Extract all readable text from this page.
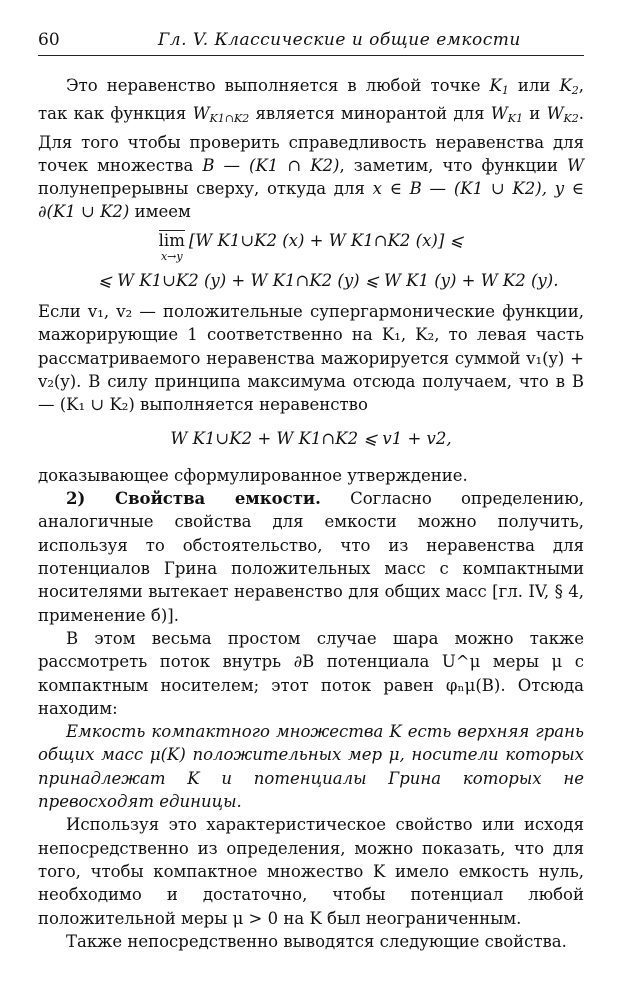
60	Гл. V. Классические и общие емкости

Это неравенство выполняется в любой точке $K_1$ или $K_2$, так как функция $W_{K1\cap K2}$ является минорантой для $W_{K1}$ и $W_{K2}$. Для того чтобы проверить справедливость неравенства для точек множества B — (K1 ∩ K2), заметим, что функции W полунепрерывны сверху, откуда для x ∈ B — (K1 ∪ K2), y ∈ ∂(K1 ∪ K2) имеем

lim
x→y
[W K1∪K2 (x) + W K1∩K2 (x)] ⩽
⩽ W K1∪K2 (y) + W K1∩K2 (y) ⩽ W K1 (y) + W K2 (y).

Если v₁, v₂ — положительные супергармонические функции, мажорирующие 1 соответственно на K₁, K₂, то левая часть рассматриваемого неравенства мажорируется суммой v₁(y) + v₂(y). В силу принципа максимума отсюда получаем, что в B — (K₁ ∪ K₂) выполняется неравенство

W K1∪K2 + W K1∩K2 ⩽ v1 + v2,

доказывающее сформулированное утверждение.

2) Свойства емкости. Согласно определению, аналогичные свойства для емкости можно получить, используя то обстоятельство, что из неравенства для потенциалов Грина положительных масс с компактными носителями вытекает неравенство для общих масс [гл. IV, § 4, применение б)].

В этом весьма простом случае шара можно также рассмотреть поток внутрь ∂B потенциала U^μ меры μ с компактным носителем; этот поток равен φₙμ(B). Отсюда находим:

Емкость компактного множества K есть верхняя грань общих масс μ(K) положительных мер μ, носители которых принадлежат K и потенциалы Грина которых не превосходят единицы.

Используя это характеристическое свойство или исходя непосредственно из определения, можно показать, что для того, чтобы компактное множество K имело емкость нуль, необходимо и достаточно, чтобы потенциал любой положительной меры μ > 0 на K был неограниченным.

Также непосредственно выводятся следующие свойства.
